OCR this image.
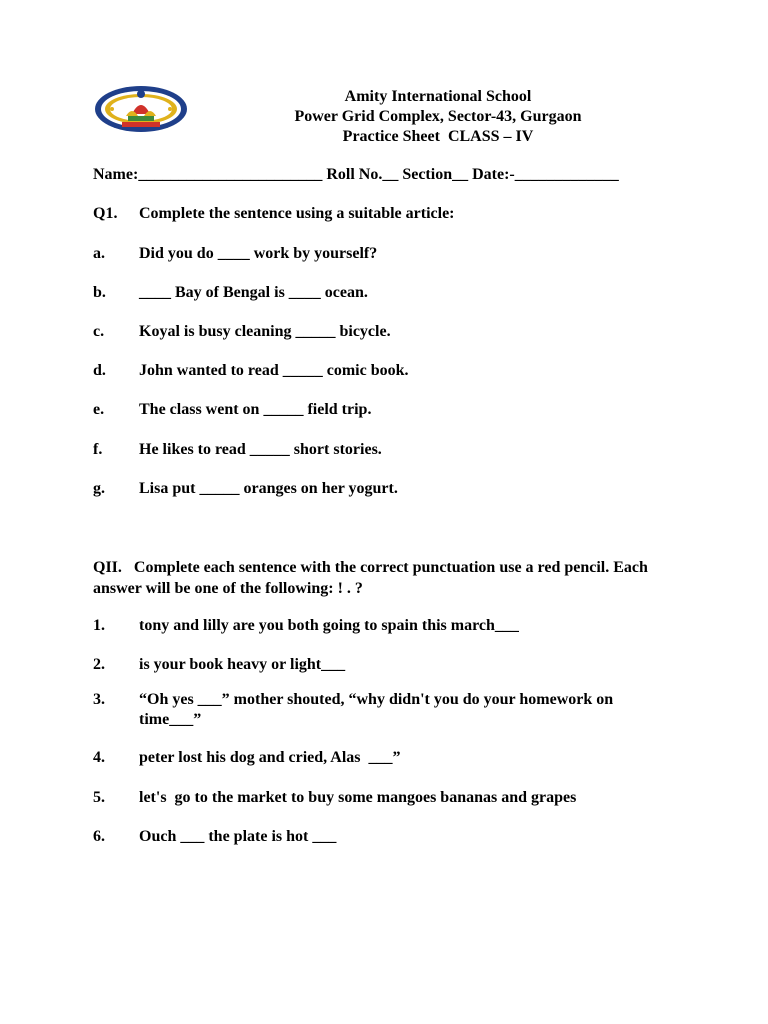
Amity International School
Power Grid Complex, Sector-43, Gurgaon
Practice Sheet  CLASS – IV
Name:_______________________ Roll No.__ Section__ Date:-_____________
Q1. Complete the sentence using a suitable article:
a. Did you do ____ work by yourself?
b. ____ Bay of Bengal is ____ ocean.
c. Koyal is busy cleaning _____ bicycle.
d. John wanted to read _____ comic book.
e. The class went on _____ field trip.
f. He likes to read _____ short stories.
g. Lisa put _____ oranges on her yogurt.
QII. Complete each sentence with the correct punctuation use a red pencil. Each answer will be one of the following: ! . ?
1. tony and lilly are you both going to spain this march___
2. is your book heavy or light___
3. “Oh yes ___” mother shouted, “why didn't you do your homework on time___”
4. peter lost his dog and cried, Alas  ___”
5. let's  go to the market to buy some mangoes bananas and grapes
6. Ouch ___ the plate is hot ___
